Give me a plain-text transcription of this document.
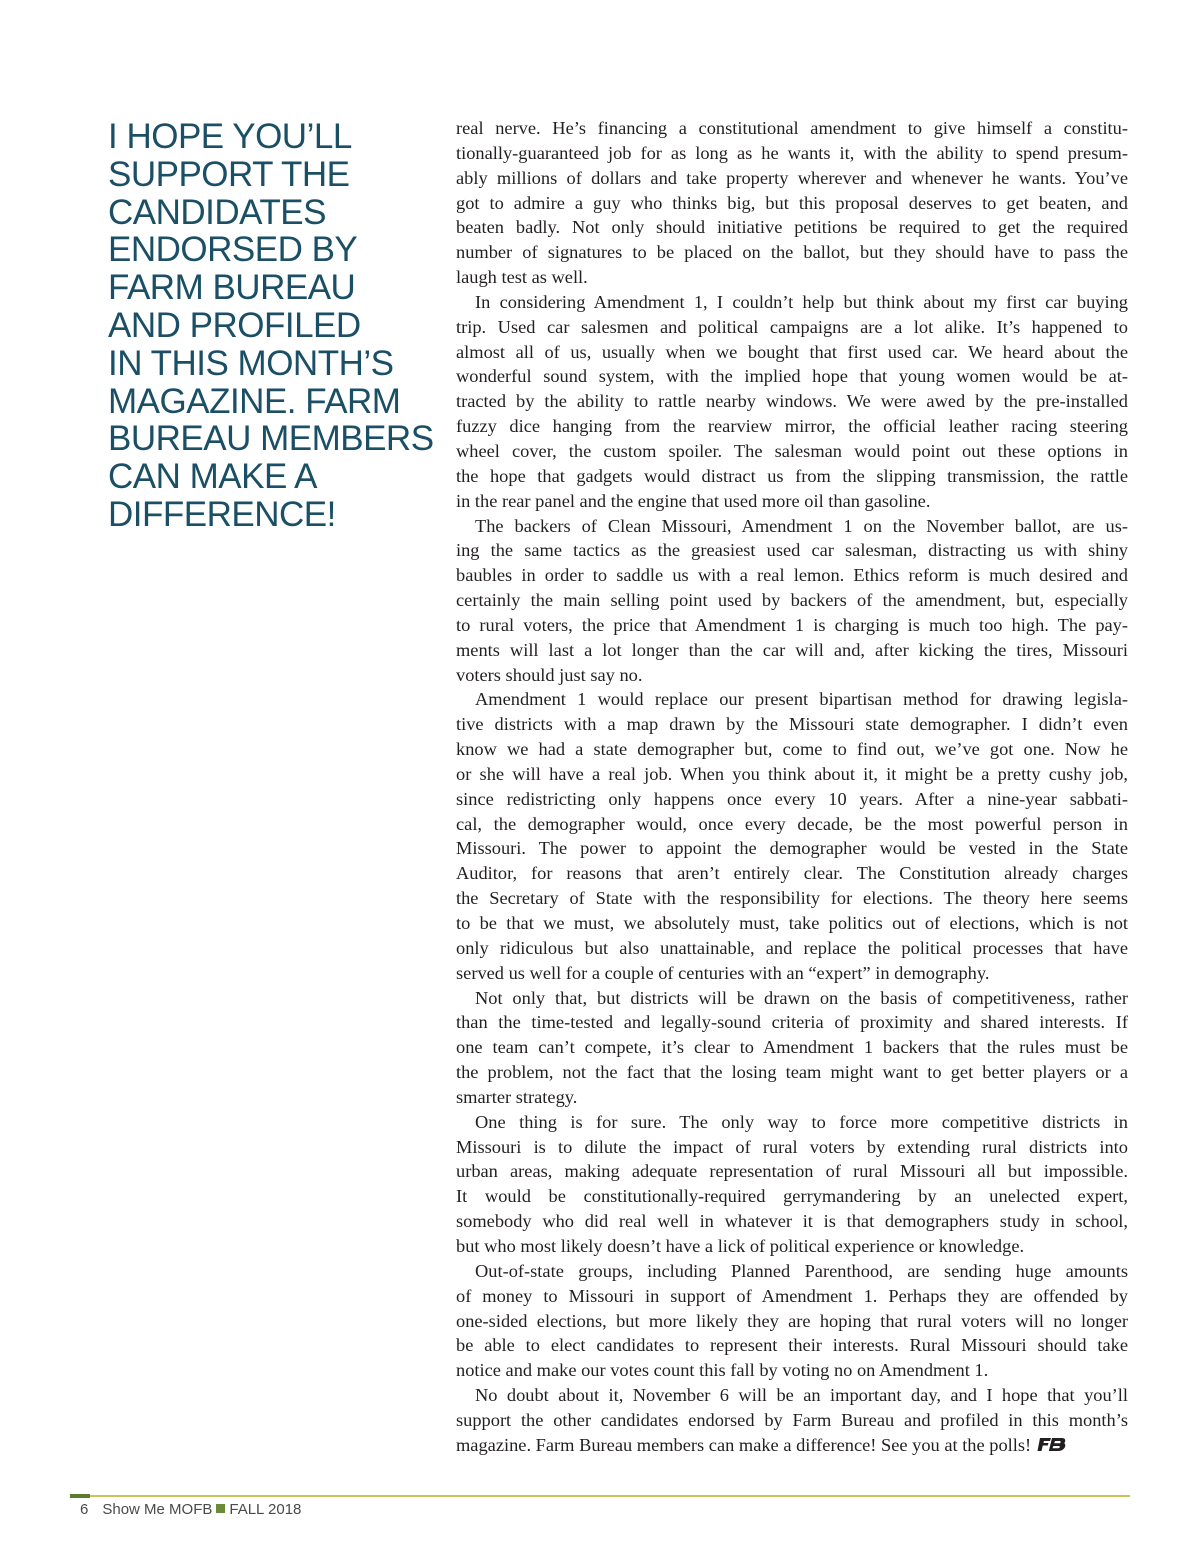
I HOPE YOU’LL
SUPPORT THE
CANDIDATES
ENDORSED BY
FARM BUREAU
AND PROFILED
IN THIS MONTH’S
MAGAZINE. FARM
BUREAU MEMBERS
CAN MAKE A
DIFFERENCE!
real nerve. He’s financing a constitutional amendment to give himself a constitu-
tionally-guaranteed job for as long as he wants it, with the ability to spend presum-
ably millions of dollars and take property wherever and whenever he wants. You’ve
got to admire a guy who thinks big, but this proposal deserves to get beaten, and
beaten badly. Not only should initiative petitions be required to get the required
number of signatures to be placed on the ballot, but they should have to pass the
laugh test as well.
In considering Amendment 1, I couldn’t help but think about my first car buying
trip. Used car salesmen and political campaigns are a lot alike. It’s happened to
almost all of us, usually when we bought that first used car. We heard about the
wonderful sound system, with the implied hope that young women would be at-
tracted by the ability to rattle nearby windows. We were awed by the pre-installed
fuzzy dice hanging from the rearview mirror, the official leather racing steering
wheel cover, the custom spoiler. The salesman would point out these options in
the hope that gadgets would distract us from the slipping transmission, the rattle
in the rear panel and the engine that used more oil than gasoline.
The backers of Clean Missouri, Amendment 1 on the November ballot, are us-
ing the same tactics as the greasiest used car salesman, distracting us with shiny
baubles in order to saddle us with a real lemon. Ethics reform is much desired and
certainly the main selling point used by backers of the amendment, but, especially
to rural voters, the price that Amendment 1 is charging is much too high. The pay-
ments will last a lot longer than the car will and, after kicking the tires, Missouri
voters should just say no.
Amendment 1 would replace our present bipartisan method for drawing legisla-
tive districts with a map drawn by the Missouri state demographer. I didn’t even
know we had a state demographer but, come to find out, we’ve got one. Now he
or she will have a real job. When you think about it, it might be a pretty cushy job,
since redistricting only happens once every 10 years. After a nine-year sabbati-
cal, the demographer would, once every decade, be the most powerful person in
Missouri. The power to appoint the demographer would be vested in the State
Auditor, for reasons that aren’t entirely clear. The Constitution already charges
the Secretary of State with the responsibility for elections. The theory here seems
to be that we must, we absolutely must, take politics out of elections, which is not
only ridiculous but also unattainable, and replace the political processes that have
served us well for a couple of centuries with an “expert” in demography.
Not only that, but districts will be drawn on the basis of competitiveness, rather
than the time-tested and legally-sound criteria of proximity and shared interests. If
one team can’t compete, it’s clear to Amendment 1 backers that the rules must be
the problem, not the fact that the losing team might want to get better players or a
smarter strategy.
One thing is for sure. The only way to force more competitive districts in
Missouri is to dilute the impact of rural voters by extending rural districts into
urban areas, making adequate representation of rural Missouri all but impossible.
It would be constitutionally-required gerrymandering by an unelected expert,
somebody who did real well in whatever it is that demographers study in school,
but who most likely doesn’t have a lick of political experience or knowledge.
Out-of-state groups, including Planned Parenthood, are sending huge amounts
of money to Missouri in support of Amendment 1. Perhaps they are offended by
one-sided elections, but more likely they are hoping that rural voters will no longer
be able to elect candidates to represent their interests. Rural Missouri should take
notice and make our votes count this fall by voting no on Amendment 1.
No doubt about it, November 6 will be an important day, and I hope that you’ll
support the other candidates endorsed by Farm Bureau and profiled in this month’s
magazine. Farm Bureau members can make a difference! See you at the polls!
6 Show Me MOFB FALL 2018
